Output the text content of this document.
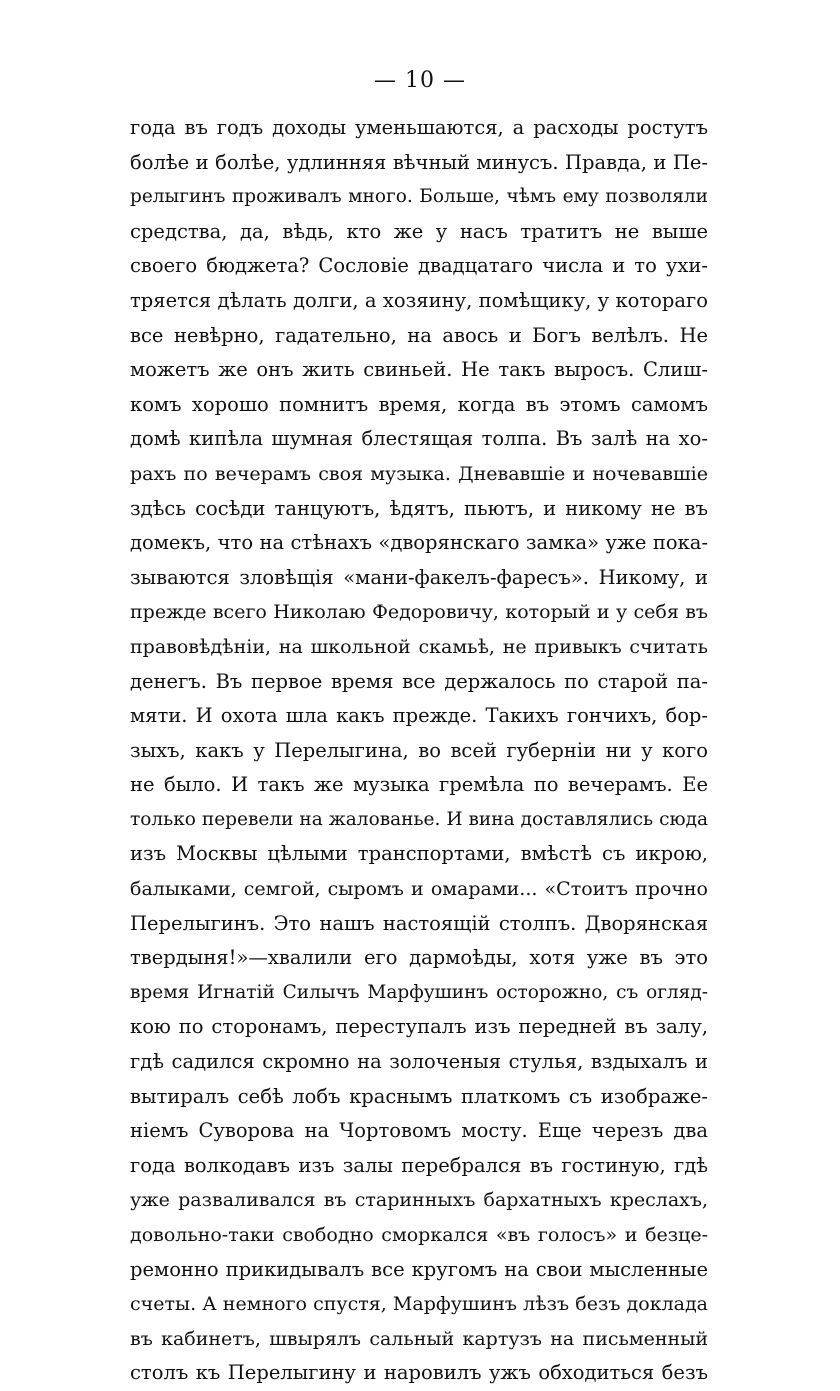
— 10 —
года въ годъ доходы уменьшаются, а расходы ростутъ
болѣе и болѣе, удлинняя вѣчный минусъ. Правда, и Пе-
релыгинъ проживалъ много. Больше, чѣмъ ему позволяли
средства, да, вѣдь, кто же у насъ тратитъ не выше
своего бюджета? Сословіе двадцатаго числа и то ухи-
тряется дѣлать долги, а хозяину, помѣщику, у котораго
все невѣрно, гадательно, на авось и Богъ велѣлъ. Не
можетъ же онъ жить свиньей. Не такъ выросъ. Слиш-
комъ хорошо помнитъ время, когда въ этомъ самомъ
домѣ кипѣла шумная блестящая толпа. Въ залѣ на хо-
рахъ по вечерамъ своя музыка. Дневавшіе и ночевавшіе
здѣсь сосѣди танцуютъ, ѣдятъ, пьютъ, и никому не въ
домекъ, что на стѣнахъ «дворянскаго замка» уже пока-
зываются зловѣщія «мани-факелъ-фаресъ». Никому, и
прежде всего Николаю Федоровичу, который и у себя въ
правовѣдѣніи, на школьной скамьѣ, не привыкъ считать
денегъ. Въ первое время все держалось по старой па-
мяти. И охота шла какъ прежде. Такихъ гончихъ, бор-
зыхъ, какъ у Перелыгина, во всей губерніи ни у кого
не было. И такъ же музыка гремѣла по вечерамъ. Ее
только перевели на жалованье. И вина доставлялись сюда
изъ Москвы цѣлыми транспортами, вмѣстѣ съ икрою,
балыками, семгой, сыромъ и омарами... «Стоитъ прочно
Перелыгинъ. Это нашъ настоящій столпъ. Дворянская
твердыня!»—хвалили его дармоѣды, хотя уже въ это
время Игнатій Силычъ Марфушинъ осторожно, съ огляд-
кою по сторонамъ, переступалъ изъ передней въ залу,
гдѣ садился скромно на золоченыя стулья, вздыхалъ и
вытиралъ себѣ лобъ краснымъ платкомъ съ изображе-
ніемъ Суворова на Чортовомъ мосту. Еще черезъ два
года волкодавъ изъ залы перебрался въ гостиную, гдѣ
уже разваливался въ старинныхъ бархатныхъ креслахъ,
довольно-таки свободно сморкался «въ голосъ» и безце-
ремонно прикидывалъ все кругомъ на свои мысленные
счеты. А немного спустя, Марфушинъ лѣзъ безъ доклада
въ кабинетъ, швырялъ сальный картузъ на письменный
столъ къ Перелыгину и наровилъ ужъ обходиться безъ
